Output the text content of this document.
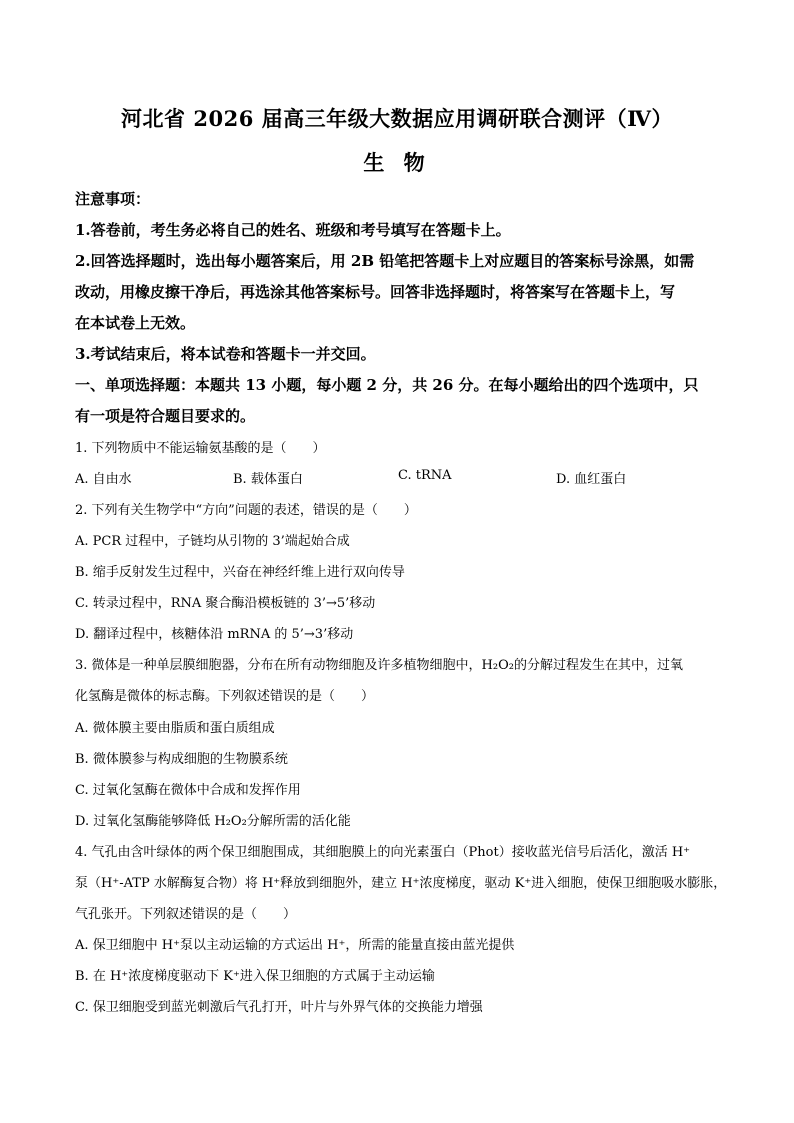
河北省 2026 届高三年级大数据应用调研联合测评（Ⅳ）
生 物
注意事项：
1.答卷前，考生务必将自己的姓名、班级和考号填写在答题卡上。
2.回答选择题时，选出每小题答案后，用 2B 铅笔把答题卡上对应题目的答案标号涂黑，如需
改动，用橡皮擦干净后，再选涂其他答案标号。回答非选择题时，将答案写在答题卡上，写
在本试卷上无效。
3.考试结束后，将本试卷和答题卡一并交回。
一、单项选择题：本题共 13 小题，每小题 2 分，共 26 分。在每小题给出的四个选项中，只
有一项是符合题目要求的。
1. 下列物质中不能运输氨基酸的是（　　）
A. 自由水	B. 载体蛋白	C. tRNA	D. 血红蛋白
2. 下列有关生物学中“方向”问题的表述，错误的是（　　）
A. PCR 过程中，子链均从引物的 3’端起始合成
B. 缩手反射发生过程中，兴奋在神经纤维上进行双向传导
C. 转录过程中，RNA 聚合酶沿模板链的 3’→5’移动
D. 翻译过程中，核糖体沿 mRNA 的 5’→3’移动
3. 微体是一种单层膜细胞器，分布在所有动物细胞及许多植物细胞中，H₂O₂的分解过程发生在其中，过氧
化氢酶是微体的标志酶。下列叙述错误的是（　　）
A. 微体膜主要由脂质和蛋白质组成
B. 微体膜参与构成细胞的生物膜系统
C. 过氧化氢酶在微体中合成和发挥作用
D. 过氧化氢酶能够降低 H₂O₂分解所需的活化能
4. 气孔由含叶绿体的两个保卫细胞围成，其细胞膜上的向光素蛋白（Phot）接收蓝光信号后活化，激活 H⁺
泵（H⁺-ATP 水解酶复合物）将 H⁺释放到细胞外，建立 H⁺浓度梯度，驱动 K⁺进入细胞，使保卫细胞吸水膨胀，
气孔张开。下列叙述错误的是（　　）
A. 保卫细胞中 H⁺泵以主动运输的方式运出 H⁺，所需的能量直接由蓝光提供
B. 在 H⁺浓度梯度驱动下 K⁺进入保卫细胞的方式属于主动运输
C. 保卫细胞受到蓝光刺激后气孔打开，叶片与外界气体的交换能力增强
